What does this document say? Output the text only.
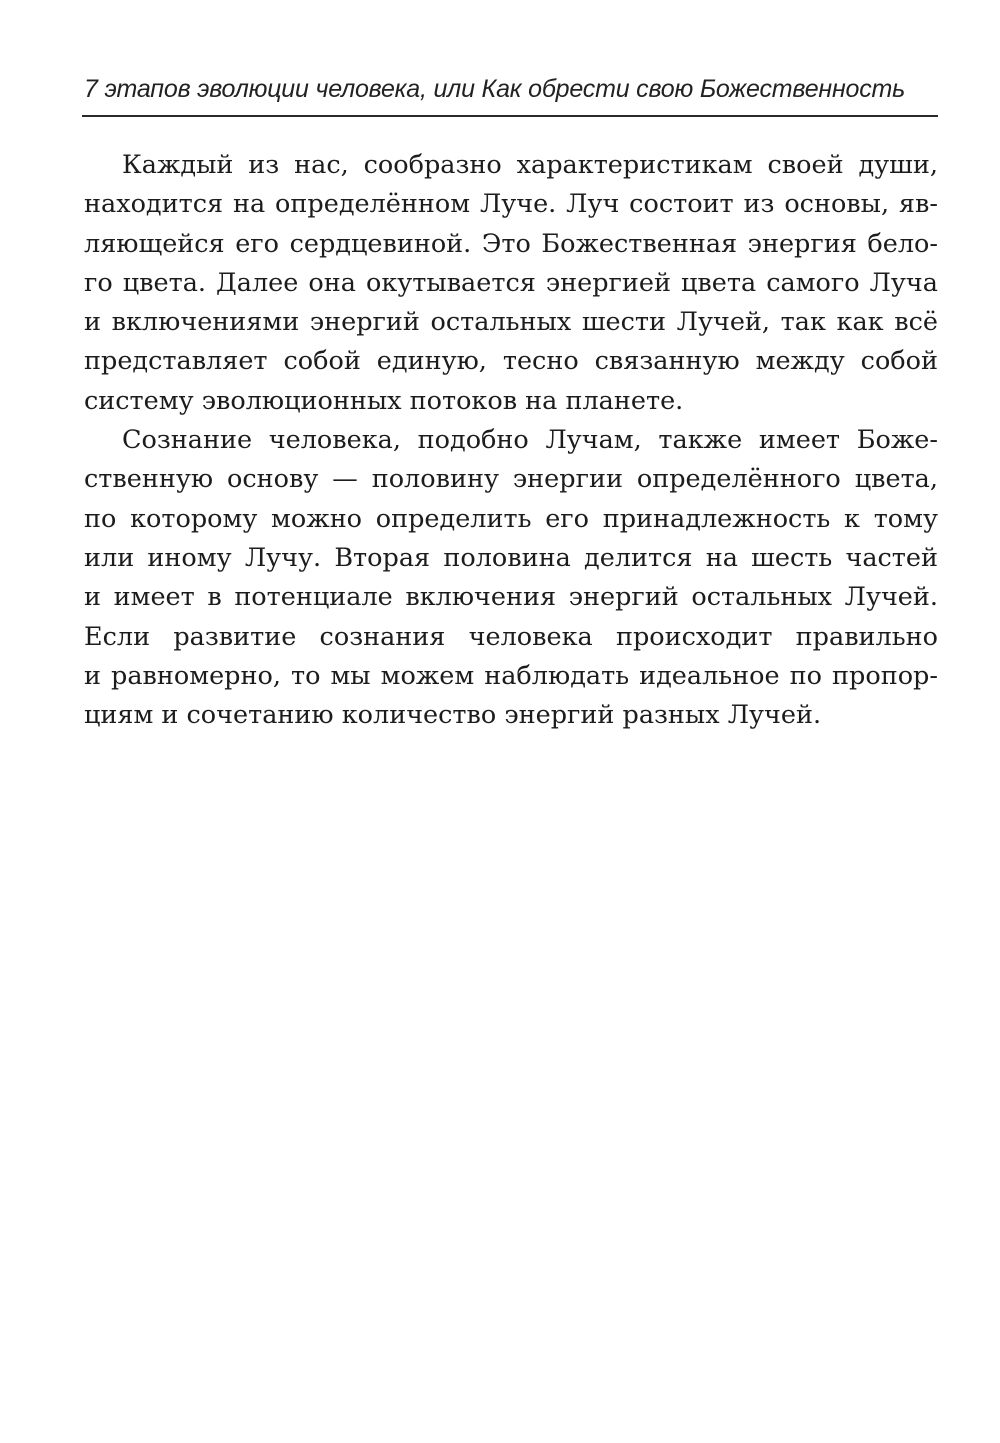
7 этапов эволюции человека, или Как обрести свою Божественность

Каждый из нас, сообразно характеристикам своей души,
находится на определённом Луче. Луч состоит из основы, яв-
ляющейся его сердцевиной. Это Божественная энергия бело-
го цвета. Далее она окутывается энергией цвета самого Луча
и включениями энергий остальных шести Лучей, так как всё
представляет собой единую, тесно связанную между собой
систему эволюционных потоков на планете.

Сознание человека, подобно Лучам, также имеет Боже-
ственную основу — половину энергии определённого цвета,
по которому можно определить его принадлежность к тому
или иному Лучу. Вторая половина делится на шесть частей
и имеет в потенциале включения энергий остальных Лучей.
Если развитие сознания человека происходит правильно
и равномерно, то мы можем наблюдать идеальное по пропор-
циям и сочетанию количество энергий разных Лучей.
